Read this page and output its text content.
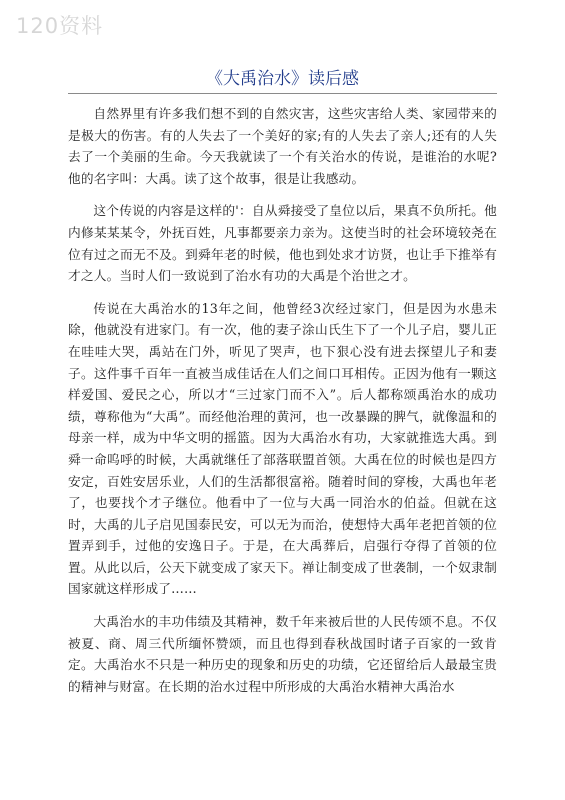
120资料
《大禹治水》读后感

自然界里有许多我们想不到的自然灾害，这些灾害给人类、家园带来的是极大的伤害。有的人失去了一个美好的家;有的人失去了亲人;还有的人失去了一个美丽的生命。今天我就读了一个有关治水的传说，是谁治的水呢?他的名字叫：大禹。读了这个故事，很是让我感动。

这个传说的内容是这样的'：自从舜接受了皇位以后，果真不负所托。他内修某某某令，外抚百姓，凡事都要亲力亲为。这使当时的社会环境较尧在位有过之而无不及。到舜年老的时候，他也到处求才访贤，也让手下推举有才之人。当时人们一致说到了治水有功的大禹是个治世之才。

传说在大禹治水的13年之间，他曾经3次经过家门，但是因为水患未除，他就没有进家门。有一次，他的妻子涂山氏生下了一个儿子启，婴儿正在哇哇大哭，禹站在门外，听见了哭声，也下狠心没有进去探望儿子和妻子。这件事千百年一直被当成佳话在人们之间口耳相传。正因为他有一颗这样爱国、爱民之心，所以才“三过家门而不入”。后人都称颂禹治水的成功绩，尊称他为“大禹”。而经他治理的黄河，也一改暴躁的脾气，就像温和的母亲一样，成为中华文明的摇篮。因为大禹治水有功，大家就推选大禹。到舜一命呜呼的时候，大禹就继任了部落联盟首领。大禹在位的时候也是四方安定，百姓安居乐业，人们的生活都很富裕。随着时间的穿梭，大禹也年老了，也要找个才子继位。他看中了一位与大禹一同治水的伯益。但就在这时，大禹的儿子启见国泰民安，可以无为而治，使想恃大禹年老把首领的位置弄到手，过他的安逸日子。于是，在大禹葬后，启强行夺得了首领的位置。从此以后，公天下就变成了家天下。禅让制变成了世袭制，一个奴隶制国家就这样形成了……

大禹治水的丰功伟绩及其精神，数千年来被后世的人民传颂不息。不仅被夏、商、周三代所缅怀赞颂，而且也得到春秋战国时诸子百家的一致肯定。大禹治水不只是一种历史的现象和历史的功绩，它还留给后人最最宝贵的精神与财富。在长期的治水过程中所形成的大禹治水精神大禹治水
